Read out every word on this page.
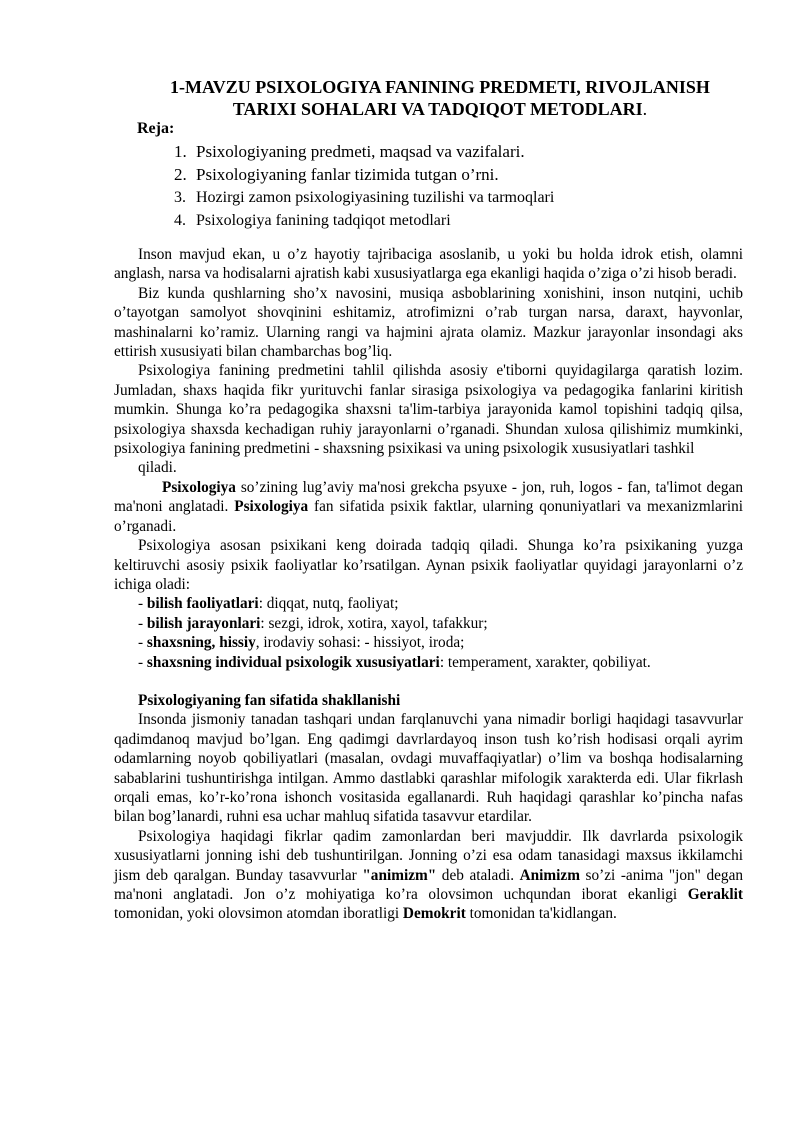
1-MAVZU PSIXOLOGIYA FANINING PREDMETI, RIVOJLANISH
TARIXI SOHALARI VA TADQIQOT METODLARI.
Reja:
1. Psixologiyaning predmeti, maqsad va vazifalari.
2. Psixologiyaning fanlar tizimida tutgan o’rni.
3. Hozirgi zamon psixologiyasining tuzilishi va tarmoqlari
4. Psixologiya fanining tadqiqot metodlari

Inson mavjud ekan, u o’z hayotiy tajribaciga asoslanib, u yoki bu holda idrok etish, olamni anglash, narsa va hodisalarni ajratish kabi xususiyatlarga ega ekanligi haqida o’ziga o’zi hisob beradi.

Biz kunda qushlarning sho’x navosini, musiqa asboblarining xonishini, inson nutqini, uchib o’tayotgan samolyot shovqinini eshitamiz, atrofimizni o’rab turgan narsa, daraxt, hayvonlar, mashinalarni ko’ramiz. Ularning rangi va hajmini ajrata olamiz. Mazkur jarayonlar insondagi aks ettirish xususiyati bilan chambarchas bog’liq.

Psixologiya fanining predmetini tahlil qilishda asosiy e'tiborni quyidagilarga qaratish lozim. Jumladan, shaxs haqida fikr yurituvchi fanlar sirasiga psixologiya va pedagogika fanlarini kiritish mumkin. Shunga ko’ra pedagogika shaxsni ta'lim-tarbiya jarayonida kamol topishini tadqiq qilsa, psixologiya shaxsda kechadigan ruhiy jarayonlarni o’rganadi. Shundan xulosa qilishimiz mumkinki, psixologiya fanining predmetini - shaxsning psixikasi va uning psixologik xususiyatlari tashkil

qiladi.

Psixologiya so’zining lug’aviy ma'nosi grekcha psyuxe - jon, ruh, logos - fan, ta'limot degan ma'noni anglatadi. Psixologiya fan sifatida psixik faktlar, ularning qonuniyatlari va mexanizmlarini o’rganadi.

Psixologiya asosan psixikani keng doirada tadqiq qiladi. Shunga ko’ra psixikaning yuzga keltiruvchi asosiy psixik faoliyatlar ko’rsatilgan. Aynan psixik faoliyatlar quyidagi jarayonlarni o’z ichiga oladi:

- bilish faoliyatlari: diqqat, nutq, faoliyat;
- bilish jarayonlari: sezgi, idrok, xotira, xayol, tafakkur;
- shaxsning, hissiy, irodaviy sohasi: - hissiyot, iroda;
- shaxsning individual psixologik xususiyatlari: temperament, xarakter, qobiliyat.
Psixologiyaning fan sifatida shakllanishi

Insonda jismoniy tanadan tashqari undan farqlanuvchi yana nimadir borligi haqidagi tasavvurlar qadimdanoq mavjud bo’lgan. Eng qadimgi davrlardayoq inson tush ko’rish hodisasi orqali ayrim odamlarning noyob qobiliyatlari (masalan, ovdagi muvaffaqiyatlar) o’lim va boshqa hodisalarning sabablarini tushuntirishga intilgan. Ammo dastlabki qarashlar mifologik xarakterda edi. Ular fikrlash orqali emas, ko’r-ko’rona ishonch vositasida egallanardi. Ruh haqidagi qarashlar ko’pincha nafas bilan bog’lanardi, ruhni esa uchar mahluq sifatida tasavvur etardilar.

Psixologiya haqidagi fikrlar qadim zamonlardan beri mavjuddir. Ilk davrlarda psixologik xususiyatlarni jonning ishi deb tushuntirilgan. Jonning o’zi esa odam tanasidagi maxsus ikkilamchi jism deb qaralgan. Bunday tasavvurlar "animizm" deb ataladi. Animizm so’zi -anima "jon" degan ma'noni anglatadi. Jon o’z mohiyatiga ko’ra olovsimon uchqundan iborat ekanligi Geraklit tomonidan, yoki olovsimon atomdan iboratligi Demokrit tomonidan ta'kidlangan.
